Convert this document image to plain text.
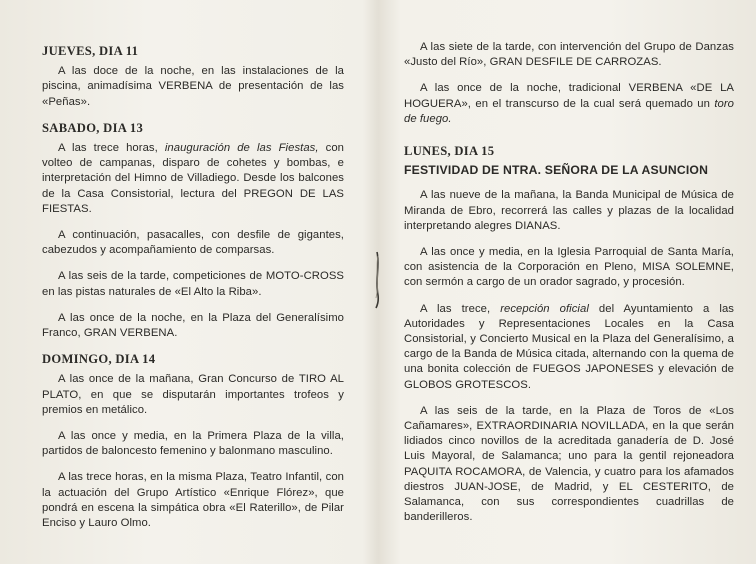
JUEVES, DIA 11

A las doce de la noche, en las instalaciones de la piscina, animadísima VERBENA de presentación de las «Peñas».

SABADO, DIA 13

A las trece horas, inauguración de las Fiestas, con volteo de campanas, disparo de cohetes y bombas, e interpretación del Himno de Villadiego. Desde los balcones de la Casa Consistorial, lectura del PREGON DE LAS FIESTAS.

A continuación, pasacalles, con desfile de gigantes, cabezudos y acompañamiento de comparsas.

A las seis de la tarde, competiciones de MOTO-CROSS en las pistas naturales de «El Alto la Riba».

A las once de la noche, en la Plaza del Generalísimo Franco, GRAN VERBENA.

DOMINGO, DIA 14

A las once de la mañana, Gran Concurso de TIRO AL PLATO, en que se disputarán importantes trofeos y premios en metálico.

A las once y media, en la Primera Plaza de la villa, partidos de baloncesto femenino y balonmano masculino.

A las trece horas, en la misma Plaza, Teatro Infantil, con la actuación del Grupo Artístico «Enrique Flórez», que pondrá en escena la simpática obra «El Raterillo», de Pilar Enciso y Lauro Olmo.

A las siete de la tarde, con intervención del Grupo de Danzas «Justo del Río», GRAN DESFILE DE CARROZAS.

A las once de la noche, tradicional VERBENA «DE LA HOGUERA», en el transcurso de la cual será quemado un toro de fuego.

LUNES, DIA 15
FESTIVIDAD DE NTRA. SEÑORA DE LA ASUNCION

A las nueve de la mañana, la Banda Municipal de Música de Miranda de Ebro, recorrerá las calles y plazas de la localidad interpretando alegres DIANAS.

A las once y media, en la Iglesia Parroquial de Santa María, con asistencia de la Corporación en Pleno, MISA SOLEMNE, con sermón a cargo de un orador sagrado, y procesión.

A las trece, recepción oficial del Ayuntamiento a las Autoridades y Representaciones Locales en la Casa Consistorial, y Concierto Musical en la Plaza del Generalísimo, a cargo de la Banda de Música citada, alternando con la quema de una bonita colección de FUEGOS JAPONESES y elevación de GLOBOS GROTESCOS.

A las seis de la tarde, en la Plaza de Toros de «Los Cañamares», EXTRAORDINARIA NOVILLADA, en la que serán lidiados cinco novillos de la acreditada ganadería de D. José Luis Mayoral, de Salamanca; uno para la gentil rejoneadora PAQUITA ROCAMORA, de Valencia, y cuatro para los afamados diestros JUAN-JOSE, de Madrid, y EL CESTERITO, de Salamanca, con sus correspondientes cuadrillas de banderilleros.
